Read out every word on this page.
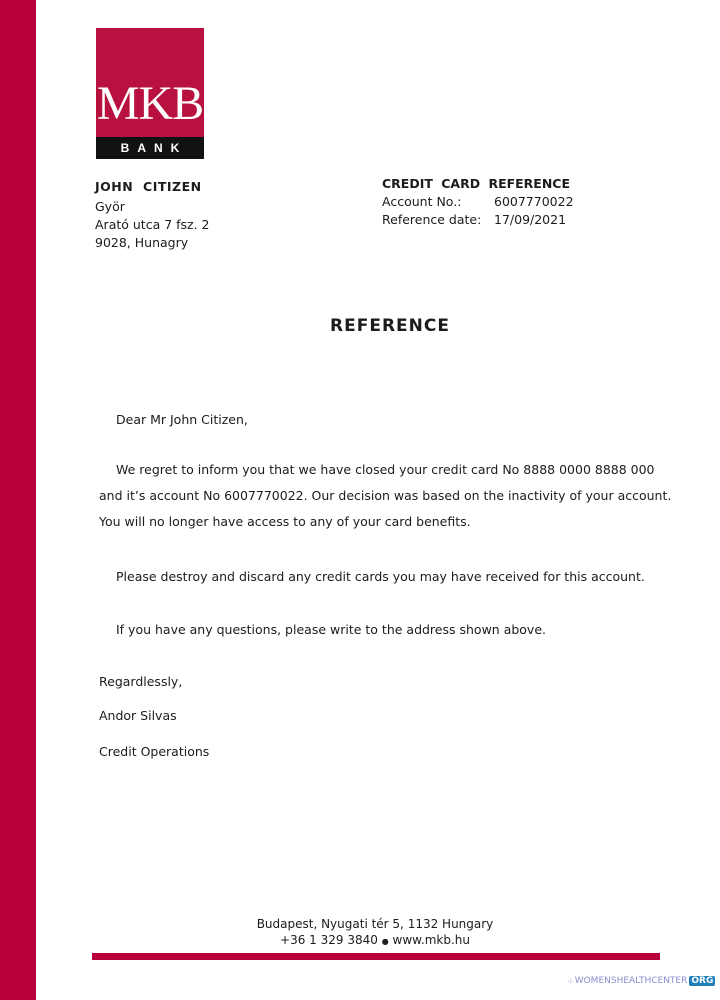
MKB
BANK
JOHN CITIZEN
Györ
Arató utca 7 fsz. 2
9028, Hunagry
CREDIT CARD REFERENCE
Account No.:	6007770022
Reference date:	17/09/2021
REFERENCE
Dear Mr John Citizen,
We regret to inform you that we have closed your credit card No 8888 0000 8888 000 and it’s account No 6007770022. Our decision was based on the inactivity of your account. You will no longer have access to any of your card benefits.
Please destroy and discard any credit cards you may have received for this account.
If you have any questions, please write to the address shown above.
Regardlessly,
Andor Silvas
Credit Operations
Budapest, Nyugati tér 5, 1132 Hungary
+36 1 329 3840 ● www.mkb.hu
⁘ WOMENSHEALTHCENTER ORG
